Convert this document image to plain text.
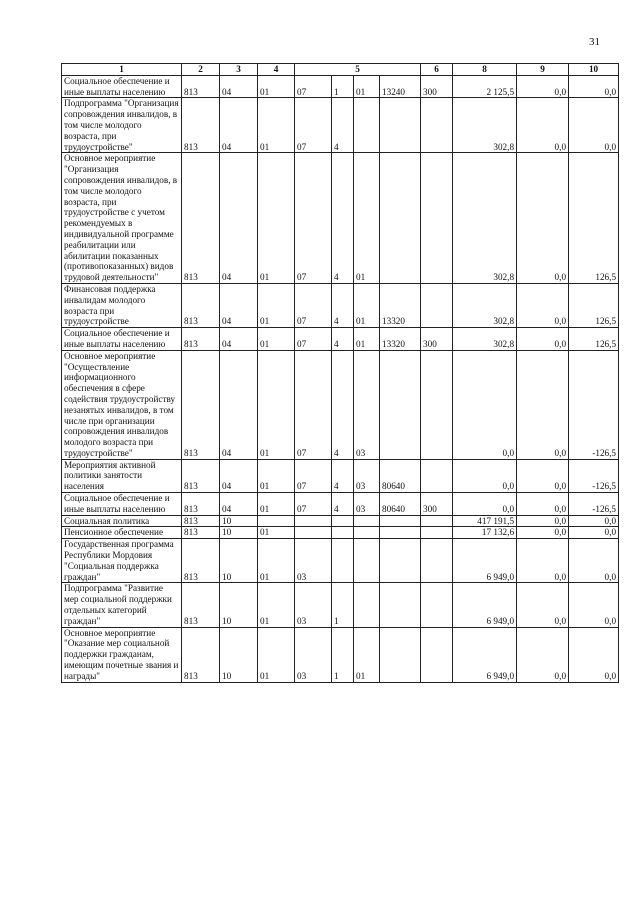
31
1	2	3	4	5				6	8	9	10
Социальное обеспечение и иные выплаты населению	813	04	01	07	1	01	13240	300	2 125,5	0,0	0,0
Подпрограмма "Организация сопровождения инвалидов, в том числе молодого возраста, при трудоустройстве"	813	04	01	07	4				302,8	0,0	0,0
Основное мероприятие "Организация сопровождения инвалидов, в том числе молодого возраста, при трудоустройстве с учетом рекомендуемых в индивидуальной программе реабилитации или абилитации показанных (противопоказанных) видов трудовой деятельности"	813	04	01	07	4	01			302,8	0,0	126,5
Финансовая поддержка инвалидам молодого возраста при трудоустройстве	813	04	01	07	4	01	13320		302,8	0,0	126,5
Социальное обеспечение и иные выплаты населению	813	04	01	07	4	01	13320	300	302,8	0,0	126,5
Основное мероприятие "Осуществление информационного обеспечения в сфере содействия трудоустройству незанятых инвалидов, в том числе при организации сопровождения инвалидов молодого возраста при трудоустройстве"	813	04	01	07	4	03			0,0	0,0	-126,5
Мероприятия активной политики занятости населения	813	04	01	07	4	03	80640		0,0	0,0	-126,5
Социальное обеспечение и иные выплаты населению	813	04	01	07	4	03	80640	300	0,0	0,0	-126,5
Социальная политика	813	10							417 191,5	0,0	0,0
Пенсионное обеспечение	813	10	01						17 132,6	0,0	0,0
Государственная программа Республики Мордовия "Социальная поддержка граждан"	813	10	01	03					6 949,0	0,0	0,0
Подпрограмма "Развитие мер социальной поддержки отдельных категорий граждан"	813	10	01	03	1				6 949,0	0,0	0,0
Основное мероприятие "Оказание мер социальной поддержки гражданам, имеющим почетные звания и награды"	813	10	01	03	1	01			6 949,0	0,0	0,0
